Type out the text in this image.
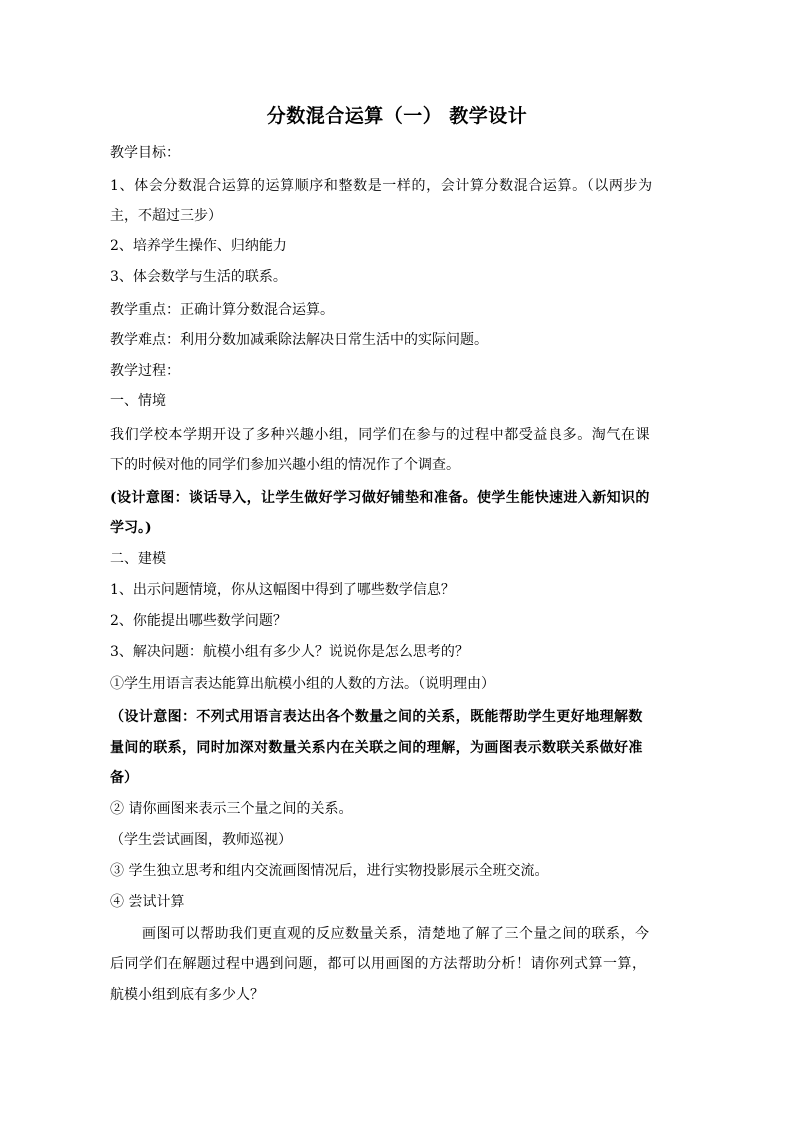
分数混合运算（一） 教学设计
教学目标：
1、体会分数混合运算的运算顺序和整数是一样的，会计算分数混合运算。（以两步为
主，不超过三步）
2、培养学生操作、归纳能力
3、体会数学与生活的联系。
教学重点：正确计算分数混合运算。
教学难点：利用分数加减乘除法解决日常生活中的实际问题。
教学过程：
一、情境
我们学校本学期开设了多种兴趣小组，同学们在参与的过程中都受益良多。淘气在课
下的时候对他的同学们参加兴趣小组的情况作了个调查。
(设计意图：谈话导入，让学生做好学习做好铺垫和准备。使学生能快速进入新知识的
学习。)
二、建模
1、出示问题情境，你从这幅图中得到了哪些数学信息？
2、你能提出哪些数学问题？
3、解决问题：航模小组有多少人？说说你是怎么思考的？
①学生用语言表达能算出航模小组的人数的方法。（说明理由）
（设计意图：不列式用语言表达出各个数量之间的关系，既能帮助学生更好地理解数
量间的联系，同时加深对数量关系内在关联之间的理解，为画图表示数联关系做好准
备）
② 请你画图来表示三个量之间的关系。
（学生尝试画图，教师巡视）
③ 学生独立思考和组内交流画图情况后，进行实物投影展示全班交流。
④ 尝试计算
画图可以帮助我们更直观的反应数量关系，清楚地了解了三个量之间的联系，今
后同学们在解题过程中遇到问题，都可以用画图的方法帮助分析！请你列式算一算，
航模小组到底有多少人？
